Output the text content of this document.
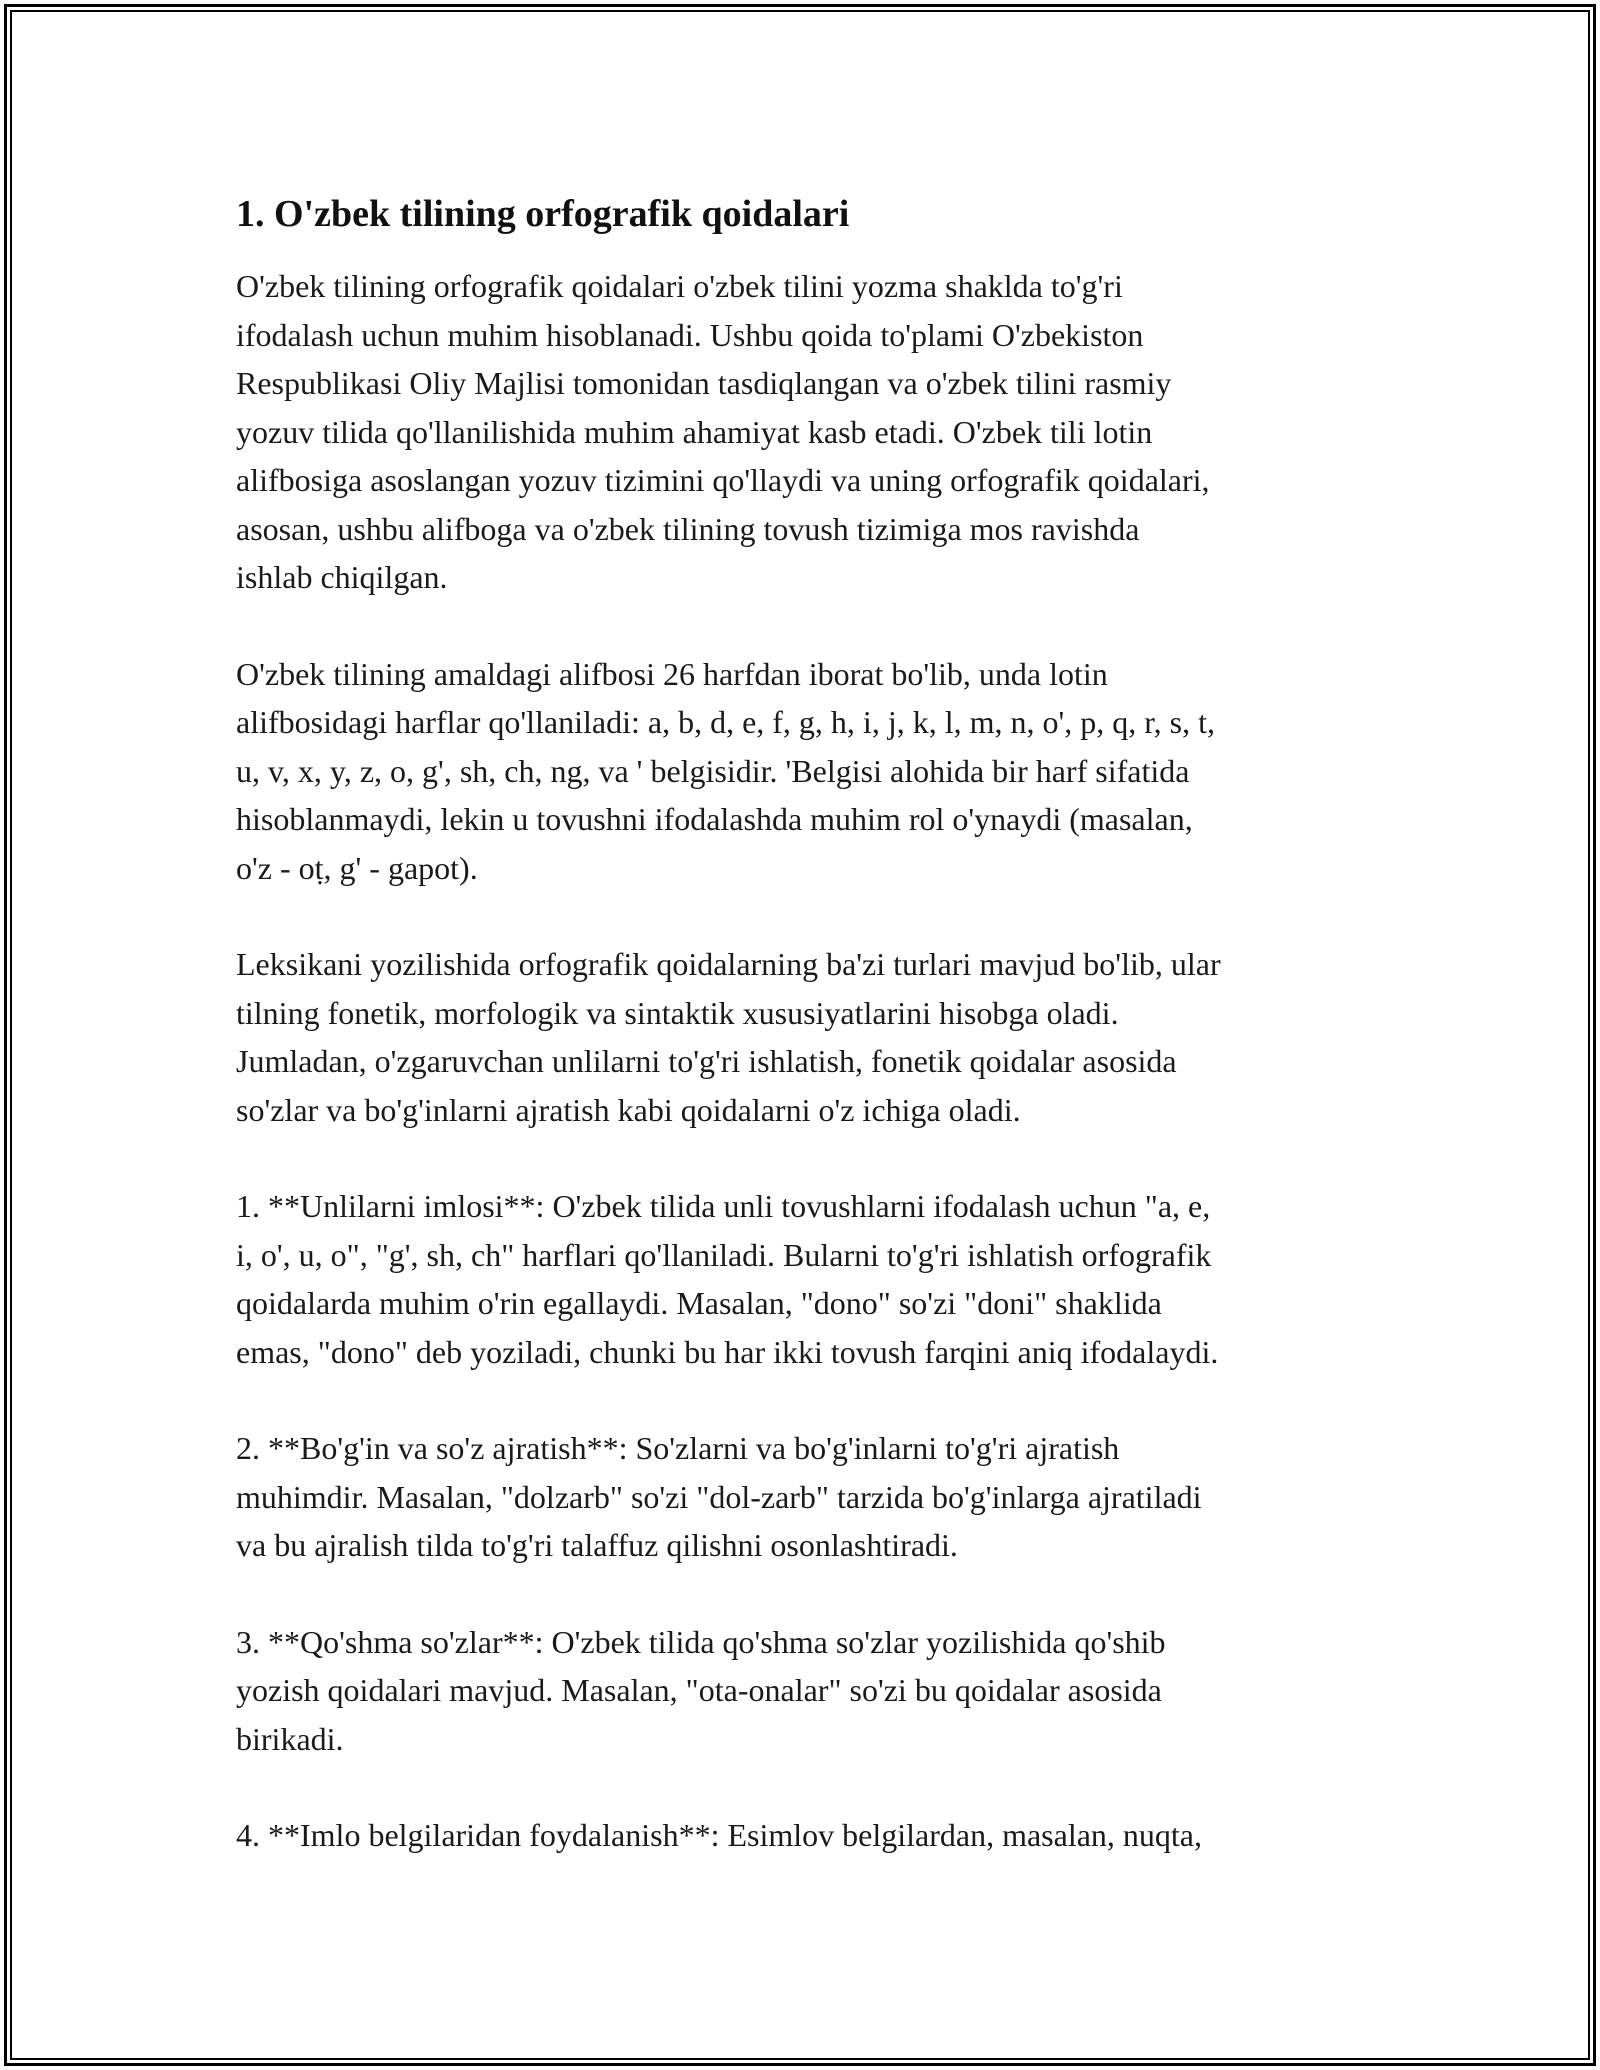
1. O'zbek tilining orfografik qoidalari

O'zbek tilining orfografik qoidalari o'zbek tilini yozma shaklda to'g'ri
ifodalash uchun muhim hisoblanadi. Ushbu qoida to'plami O'zbekiston
Respublikasi Oliy Majlisi tomonidan tasdiqlangan va o'zbek tilini rasmiy
yozuv tilida qo'llanilishida muhim ahamiyat kasb etadi. O'zbek tili lotin
alifbosiga asoslangan yozuv tizimini qo'llaydi va uning orfografik qoidalari,
asosan, ushbu alifboga va o'zbek tilining tovush tizimiga mos ravishda
ishlab chiqilgan.

O'zbek tilining amaldagi alifbosi 26 harfdan iborat bo'lib, unda lotin
alifbosidagi harflar qo'llaniladi: a, b, d, e, f, g, h, i, j, k, l, m, n, o', p, q, r, s, t,
u, v, x, y, z, o, g', sh, ch, ng, va ' belgisidir. 'Belgisi alohida bir harf sifatida
hisoblanmaydi, lekin u tovushni ifodalashda muhim rol o'ynaydi (masalan,
o'z - oṭ, g' - gapot).

Leksikani yozilishida orfografik qoidalarning ba'zi turlari mavjud bo'lib, ular
tilning fonetik, morfologik va sintaktik xususiyatlarini hisobga oladi.
Jumladan, o'zgaruvchan unlilarni to'g'ri ishlatish, fonetik qoidalar asosida
so'zlar va bo'g'inlarni ajratish kabi qoidalarni o'z ichiga oladi.

1. **Unlilarni imlosi**: O'zbek tilida unli tovushlarni ifodalash uchun "a, e,
i, o', u, o", "g', sh, ch" harflari qo'llaniladi. Bularni to'g'ri ishlatish orfografik
qoidalarda muhim o'rin egallaydi. Masalan, "dono" so'zi "doni" shaklida
emas, "dono" deb yoziladi, chunki bu har ikki tovush farqini aniq ifodalaydi.

2. **Bo'g'in va so'z ajratish**: So'zlarni va bo'g'inlarni to'g'ri ajratish
muhimdir. Masalan, "dolzarb" so'zi "dol-zarb" tarzida bo'g'inlarga ajratiladi
va bu ajralish tilda to'g'ri talaffuz qilishni osonlashtiradi.

3. **Qo'shma so'zlar**: O'zbek tilida qo'shma so'zlar yozilishida qo'shib
yozish qoidalari mavjud. Masalan, "ota-onalar" so'zi bu qoidalar asosida
birikadi.

4. **Imlo belgilaridan foydalanish**: Esimlov belgilardan, masalan, nuqta,
